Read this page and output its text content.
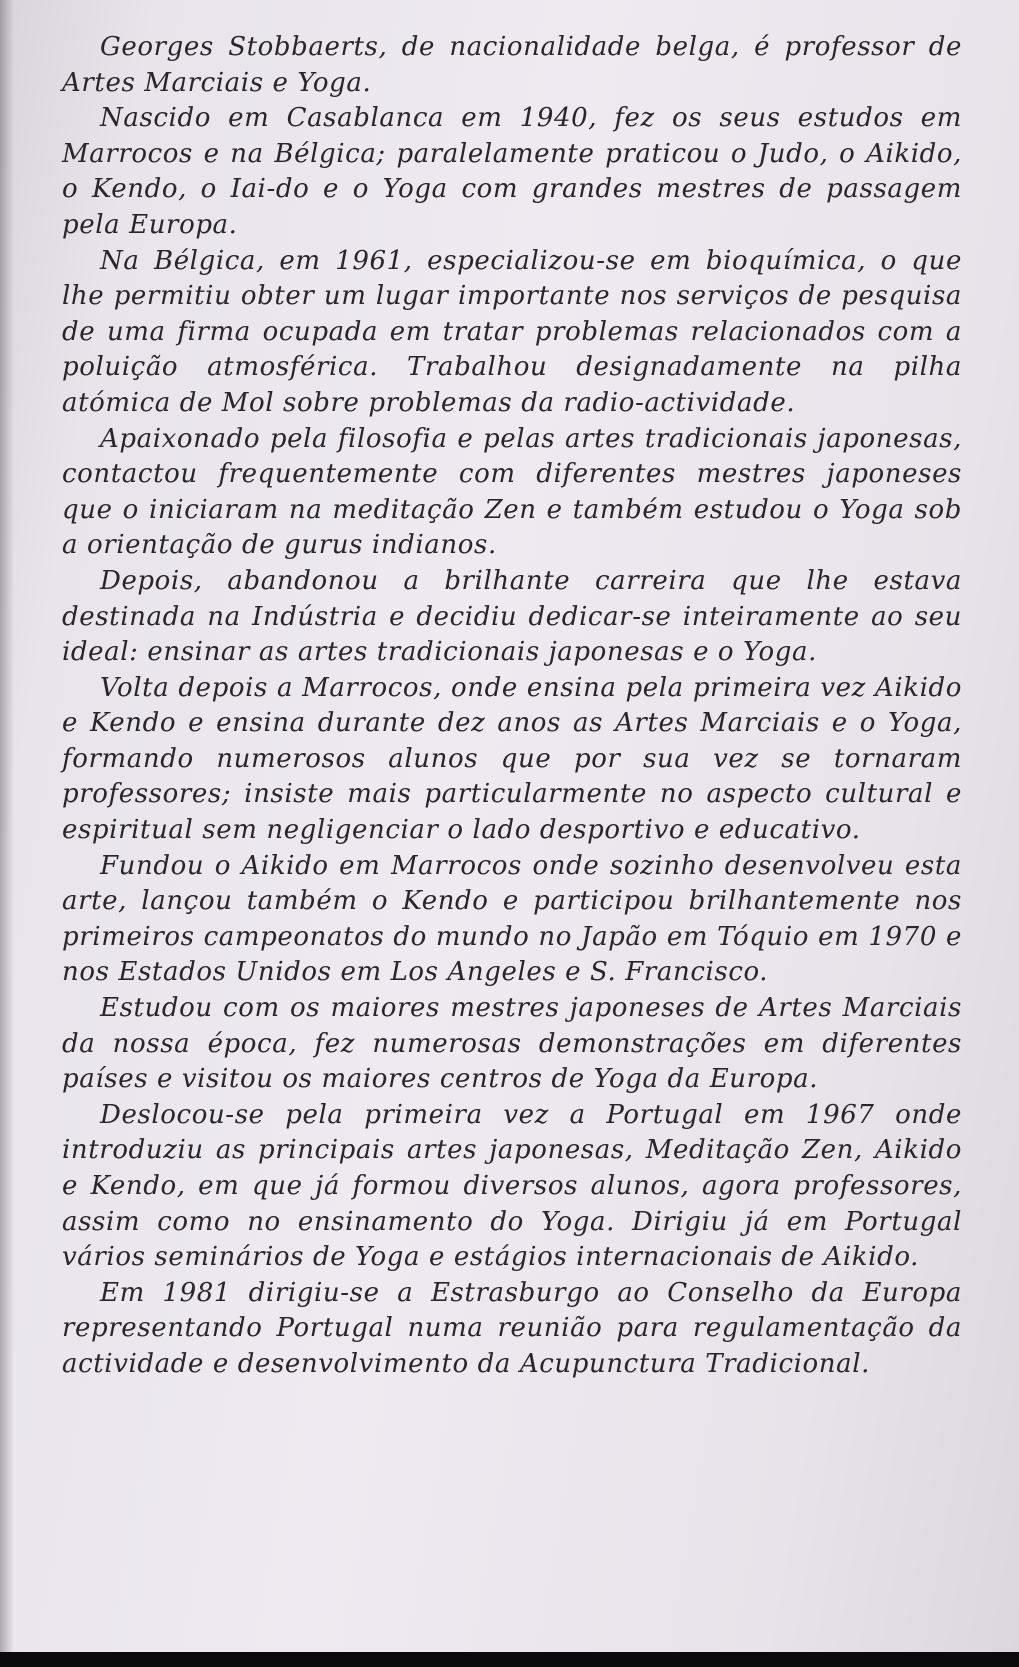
Georges Stobbaerts, de nacionalidade belga, é professor de Artes Marciais e Yoga.

Nascido em Casablanca em 1940, fez os seus estudos em Marrocos e na Bélgica; paralelamente praticou o Judo, o Aikido, o Kendo, o Iai-do e o Yoga com grandes mestres de passagem pela Europa.

Na Bélgica, em 1961, especializou-se em bioquímica, o que lhe permitiu obter um lugar importante nos serviços de pesquisa de uma firma ocupada em tratar problemas relacionados com a poluição atmosférica. Trabalhou designadamente na pilha atómica de Mol sobre problemas da radio-actividade.

Apaixonado pela filosofia e pelas artes tradicionais japonesas, contactou frequentemente com diferentes mestres japoneses que o iniciaram na meditação Zen e também estudou o Yoga sob a orientação de gurus indianos.

Depois, abandonou a brilhante carreira que lhe estava destinada na Indústria e decidiu dedicar-se inteiramente ao seu ideal: ensinar as artes tradicionais japonesas e o Yoga.

Volta depois a Marrocos, onde ensina pela primeira vez Aikido e Kendo e ensina durante dez anos as Artes Marciais e o Yoga, formando numerosos alunos que por sua vez se tornaram professores; insiste mais particularmente no aspecto cultural e espiritual sem negligenciar o lado desportivo e educativo.

Fundou o Aikido em Marrocos onde sozinho desenvolveu esta arte, lançou também o Kendo e participou brilhantemente nos primeiros campeonatos do mundo no Japão em Tóquio em 1970 e nos Estados Unidos em Los Angeles e S. Francisco.

Estudou com os maiores mestres japoneses de Artes Marciais da nossa época, fez numerosas demonstrações em diferentes países e visitou os maiores centros de Yoga da Europa.

Deslocou-se pela primeira vez a Portugal em 1967 onde introduziu as principais artes japonesas, Meditação Zen, Aikido e Kendo, em que já formou diversos alunos, agora professores, assim como no ensinamento do Yoga. Dirigiu já em Portugal vários seminários de Yoga e estágios internacionais de Aikido.

Em 1981 dirigiu-se a Estrasburgo ao Conselho da Europa representando Portugal numa reunião para regulamentação da actividade e desenvolvimento da Acupunctura Tradicional.
